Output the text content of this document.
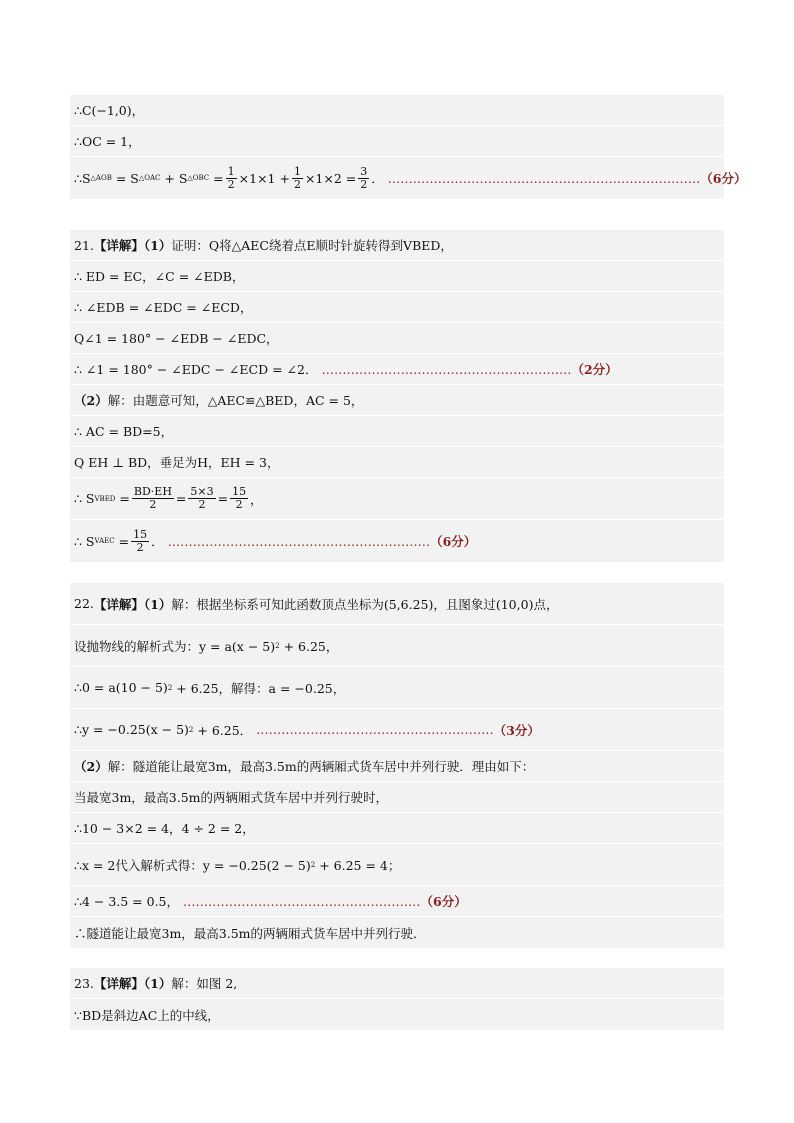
∴C(−1,0)，
∴OC = 1，
∴S △AOB
= S △OAC
+ S △OBC
= $\frac{1}{2} \times 1\times 1 + \frac{1}{2} \times 1\times 2 = \frac{3}{2}$ ． ………………………………………………………………… （6分）
21. 【详解】（1） 证明：Q将△AEC绕着点E顺时针旋转得到VBED，
∴ ED = EC，∠C = ∠EDB，
∴ ∠EDB = ∠EDC = ∠ECD，
Q∠1 = 180° − ∠EDB − ∠EDC，
∴ ∠1 = 180° − ∠EDC − ∠ECD = ∠2． …………………………………………………… （2分）
（2） 解：由题意可知，△AEC≌△BED，AC = 5，
∴ AC = BD=5，
Q EH ⊥ BD，垂足为H，EH = 3，
∴ S VBED
= $\frac{BD\cdot EH}{2} = \frac{5\times 3}{2} = \frac{15}{2}$ ，
∴ S VAEC
= $\frac{15}{2}$ ． ……………………………………………………… （6分）
22. 【详解】（1） 解：根据坐标系可知此函数顶点坐标为(5,6.25)，且图象过(10,0)点，
设抛物线的解析式为：y = a(x − 5) 2
+ 6.25，
∴0 = a(10 − 5) 2
+ 6.25，解得：a = −0.25，
∴y = −0.25(x − 5) 2
+ 6.25． ………………………………………………… （3分）
（2） 解：隧道能让最宽3m，最高3.5m的两辆厢式货车居中并列行驶．理由如下：
当最宽3m，最高3.5m的两辆厢式货车居中并列行驶时，
∴10 − 3×2 = 4，4 ÷ 2 = 2，
∴x = 2代入解析式得：y = −0.25(2 − 5) 2
+ 6.25 = 4；
∴4 − 3.5 = 0.5， ………………………………………………… （6分）
∴隧道能让最宽3m，最高3.5m的两辆厢式货车居中并列行驶．
23. 【详解】（1） 解：如图 2,
∵BD是斜边AC上的中线，
